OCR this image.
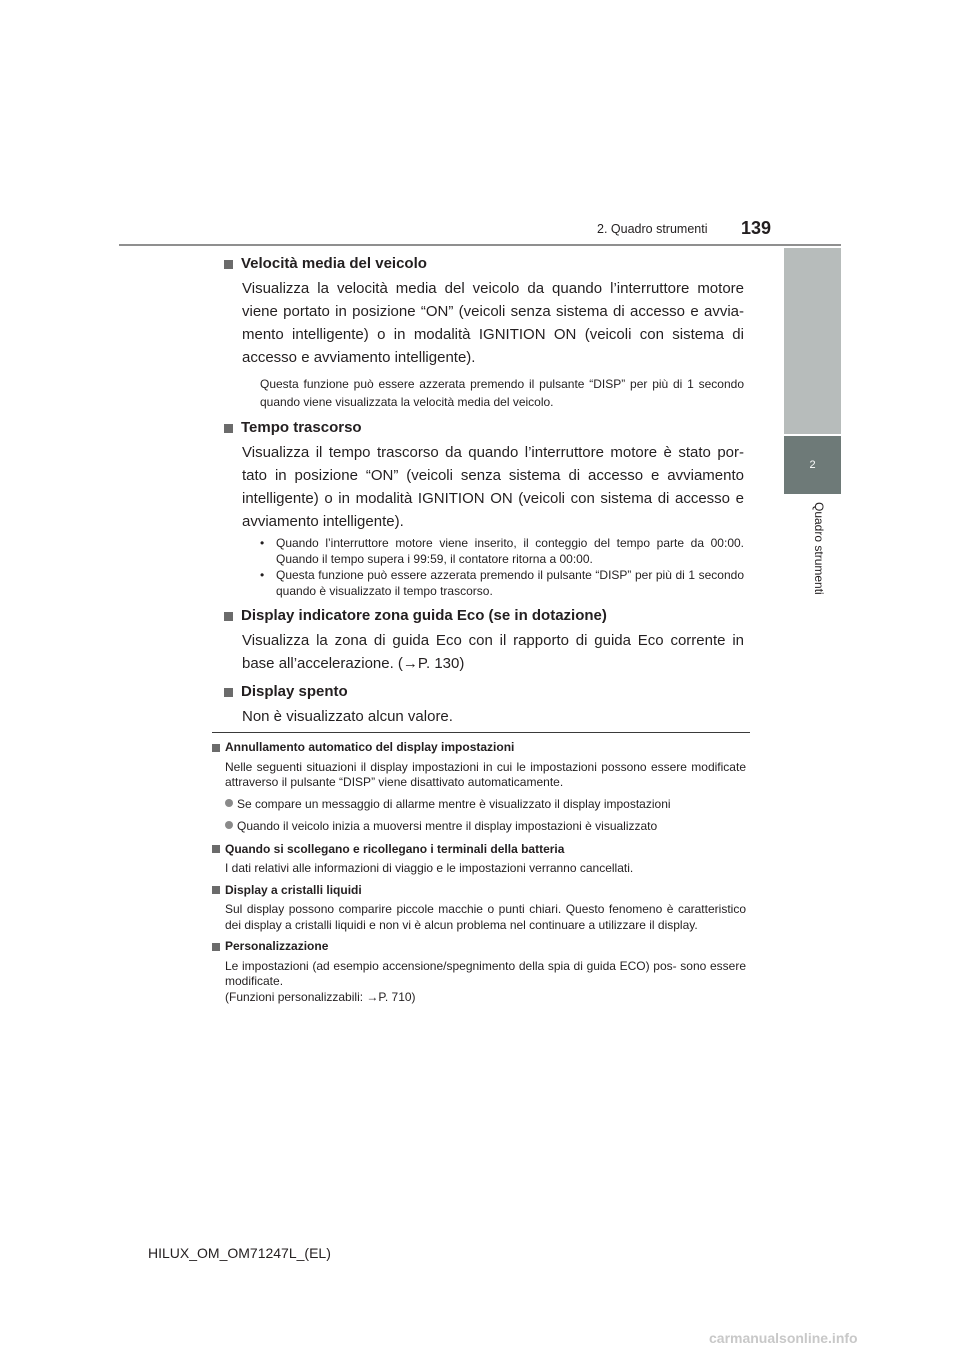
2. Quadro strumenti 139
2
Quadro strumenti
Velocità media del veicolo
Visualizza la velocità media del veicolo da quando l’interruttore motore viene portato in posizione “ON” (veicoli senza sistema di accesso e avvia- mento intelligente) o in modalità IGNITION ON (veicoli con sistema di accesso e avviamento intelligente).
Questa funzione può essere azzerata premendo il pulsante “DISP” per più di 1 secondo quando viene visualizzata la velocità media del veicolo.
Tempo trascorso
Visualizza il tempo trascorso da quando l’interruttore motore è stato por- tato in posizione “ON” (veicoli senza sistema di accesso e avviamento intelligente) o in modalità IGNITION ON (veicoli con sistema di accesso e avviamento intelligente).
• Quando l’interruttore motore viene inserito, il conteggio del tempo parte da 00:00. Quando il tempo supera i 99:59, il contatore ritorna a 00:00.
• Questa funzione può essere azzerata premendo il pulsante “DISP” per più di 1 secondo quando è visualizzato il tempo trascorso.
Display indicatore zona guida Eco (se in dotazione)
Visualizza la zona di guida Eco con il rapporto di guida Eco corrente in base all’accelerazione. (→P. 130)
Display spento
Non è visualizzato alcun valore.
Annullamento automatico del display impostazioni
Nelle seguenti situazioni il display impostazioni in cui le impostazioni possono essere modificate attraverso il pulsante “DISP” viene disattivato automaticamente.
Se compare un messaggio di allarme mentre è visualizzato il display impostazioni
Quando il veicolo inizia a muoversi mentre il display impostazioni è visualizzato
Quando si scollegano e ricollegano i terminali della batteria
I dati relativi alle informazioni di viaggio e le impostazioni verranno cancellati.
Display a cristalli liquidi
Sul display possono comparire piccole macchie o punti chiari. Questo fenomeno è caratteristico dei display a cristalli liquidi e non vi è alcun problema nel continuare a utilizzare il display.
Personalizzazione
Le impostazioni (ad esempio accensione/spegnimento della spia di guida ECO) pos- sono essere modificate.
(Funzioni personalizzabili: →P. 710)
HILUX_OM_OM71247L_(EL)
carmanualsonline.info
